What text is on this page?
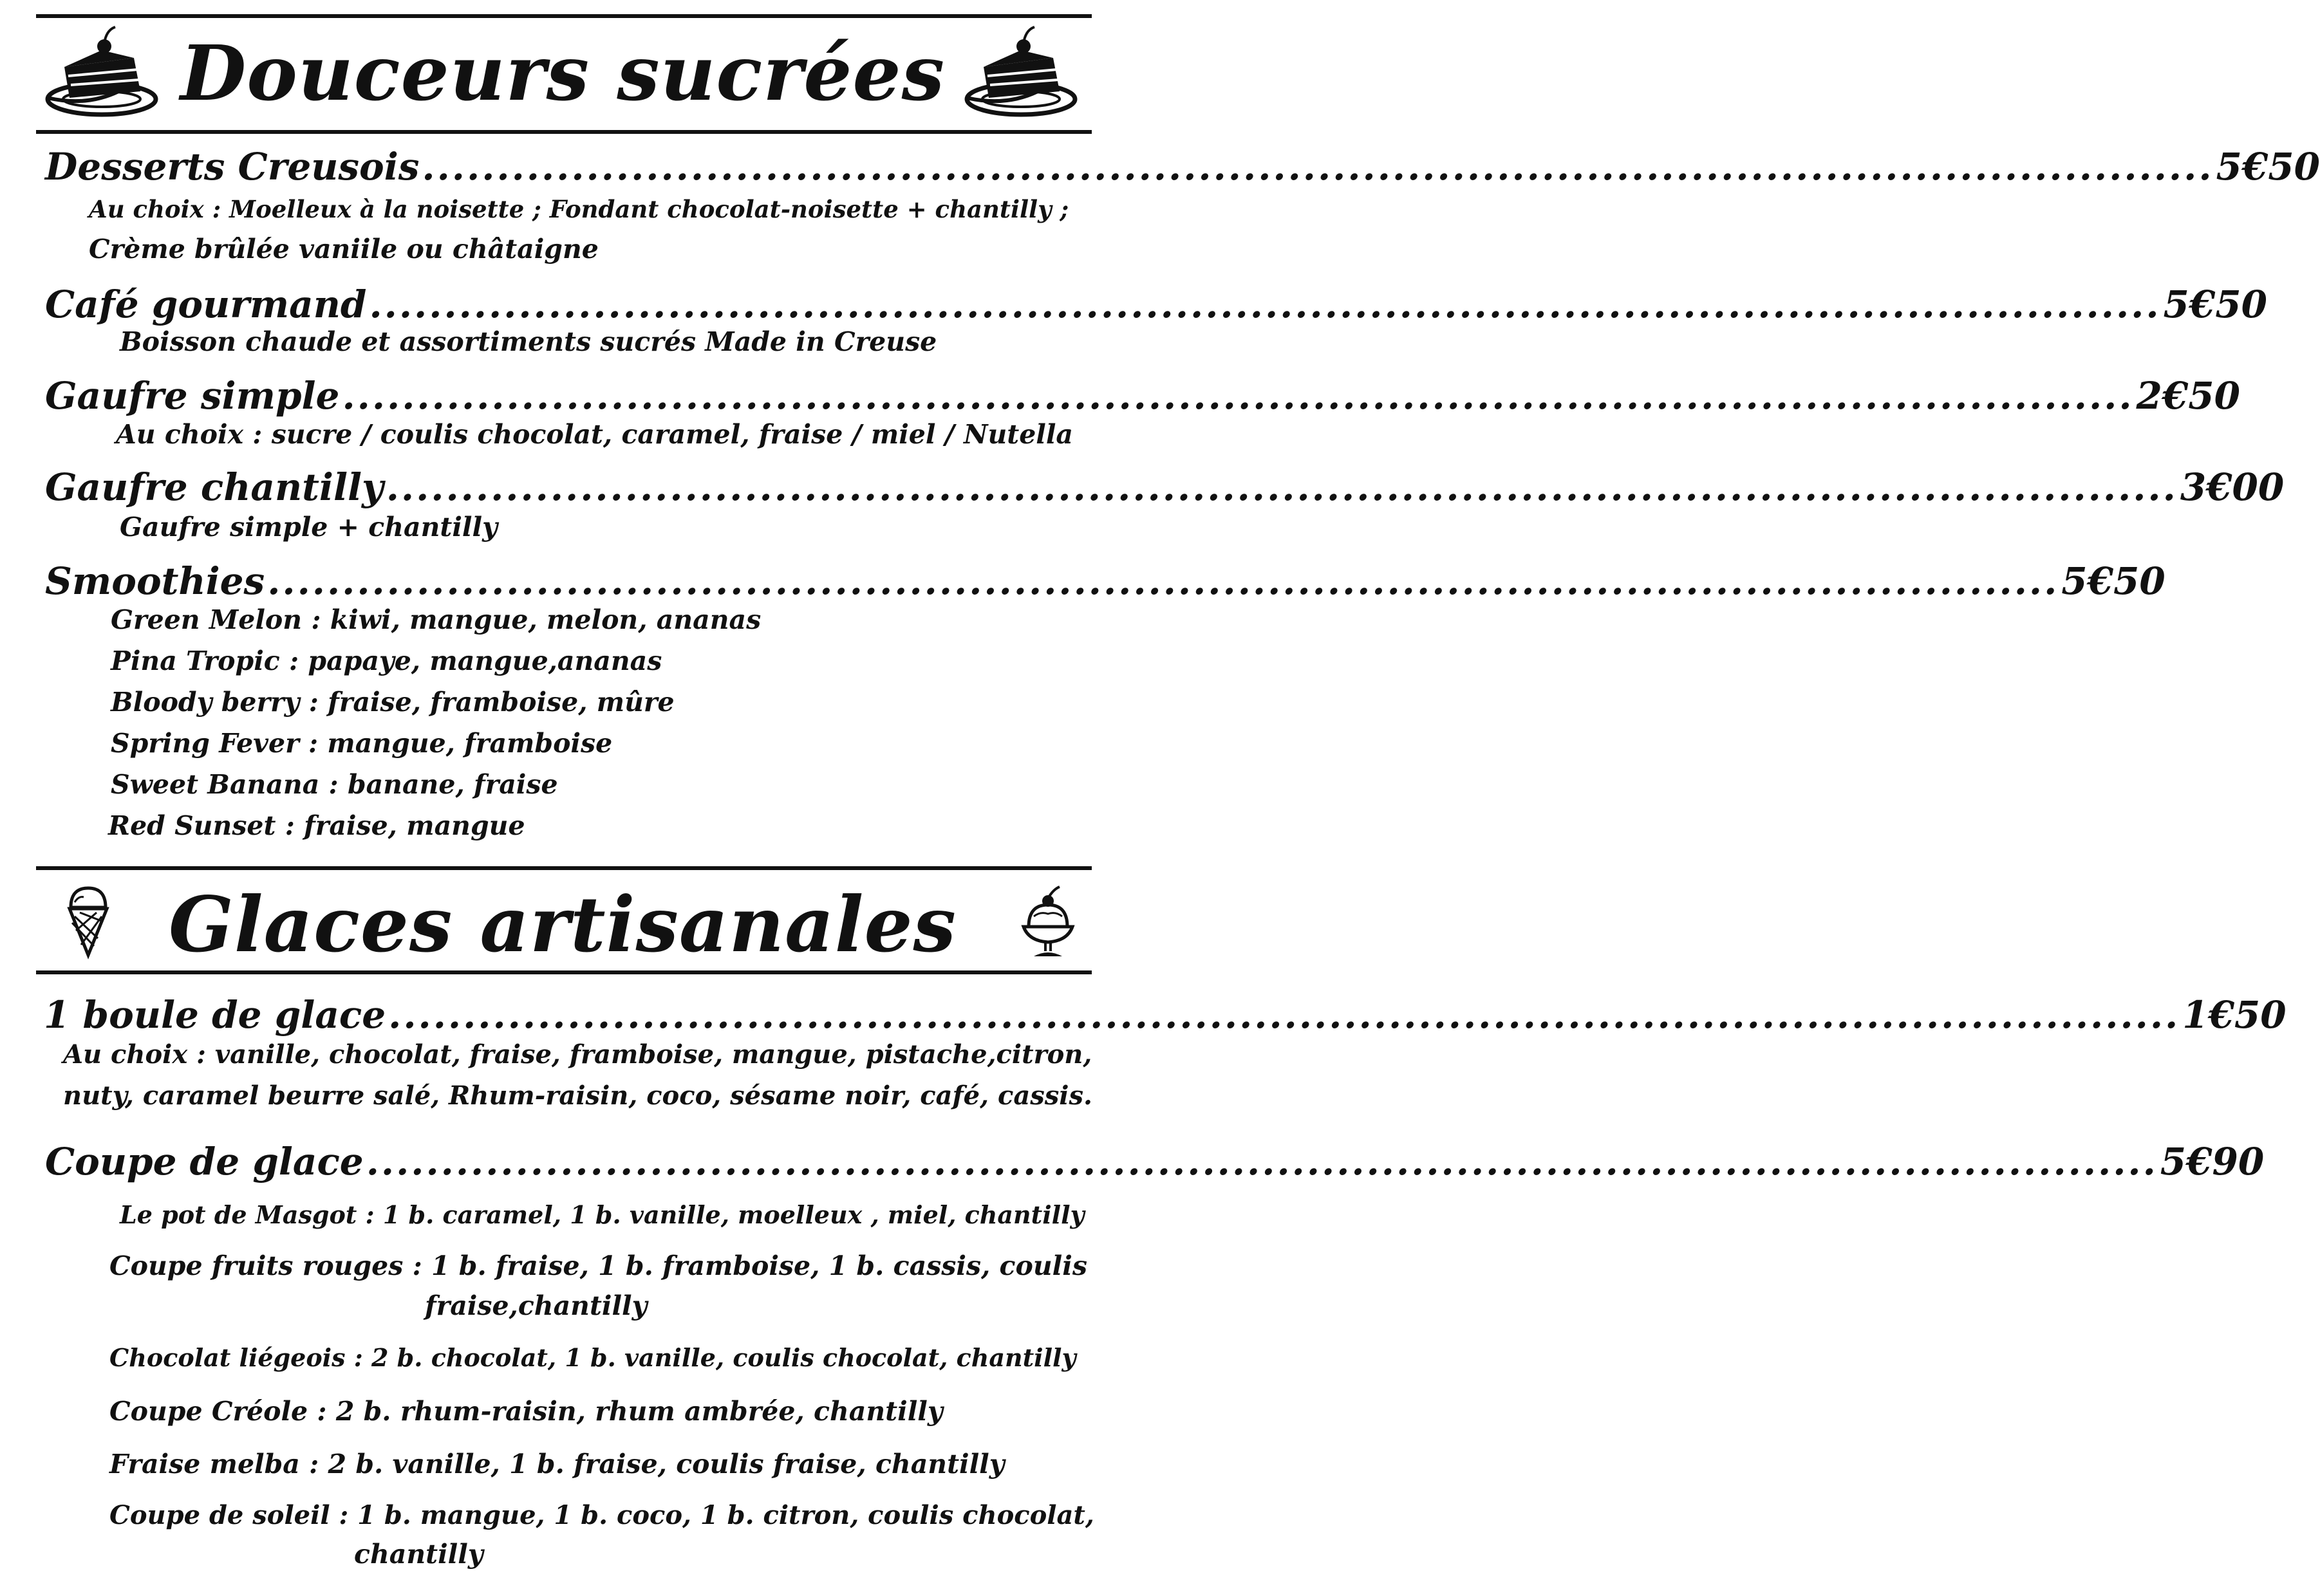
Douceurs sucrées
Desserts Creusois ........................................................................................................................ 5€50
Au choix : Moelleux à la noisette ; Fondant chocolat-noisette + chantilly ;
Crème brûlée vaniile ou châtaigne
Café gourmand ........................................................................................................................ 5€50
Boisson chaude et assortiments sucrés Made in Creuse
Gaufre simple ........................................................................................................................ 2€50
Au choix : sucre / coulis chocolat, caramel, fraise / miel / Nutella
Gaufre chantilly ........................................................................................................................ 3€00
Gaufre simple + chantilly
Smoothies ........................................................................................................................ 5€50
Green Melon : kiwi, mangue, melon, ananas
Pina Tropic : papaye, mangue,ananas
Bloody berry : fraise, framboise, mûre
Spring Fever : mangue, framboise
Sweet Banana : banane, fraise
Red Sunset : fraise, mangue
Glaces artisanales
1 boule de glace ........................................................................................................................ 1€50
Au choix : vanille, chocolat, fraise, framboise, mangue, pistache,citron,
nuty, caramel beurre salé, Rhum-raisin, coco, sésame noir, café, cassis.
Coupe de glace ........................................................................................................................ 5€90
Le pot de Masgot : 1 b. caramel, 1 b. vanille, moelleux , miel, chantilly
Coupe fruits rouges : 1 b. fraise, 1 b. framboise, 1 b. cassis, coulis
fraise,chantilly
Chocolat liégeois : 2 b. chocolat, 1 b. vanille, coulis chocolat, chantilly
Coupe Créole : 2 b. rhum-raisin, rhum ambrée, chantilly
Fraise melba : 2 b. vanille, 1 b. fraise, coulis fraise, chantilly
Coupe de soleil : 1 b. mangue, 1 b. coco, 1 b. citron, coulis chocolat,
chantilly
